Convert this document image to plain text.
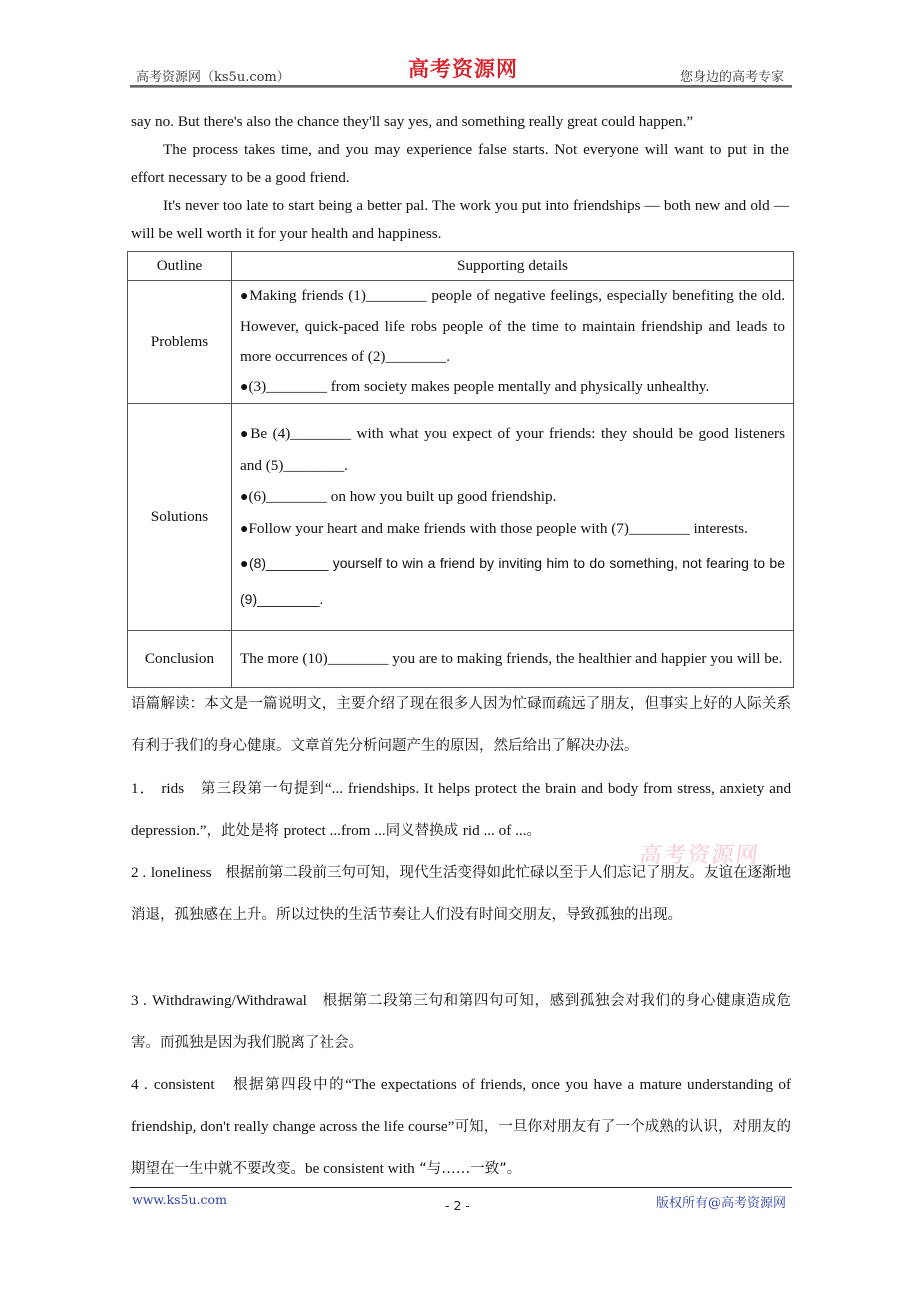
高考资源网（ks5u.com）	高考资源网	您身边的高考专家

say no. But there's also the chance they'll say yes, and something really great could happen.”

The process takes time, and you may experience false starts. Not everyone will want to put in the effort necessary to be a good friend.

It's never too late to start being a better pal. The work you put into friendships — both new and old — will be well worth it for your health and happiness.

Outline	Supporting details
Problems	●Making friends (1)________ people of negative feelings, especially benefiting the old. However, quick-paced life robs people of the time to maintain friendship and leads to more occurrences of (2)________.

●(3)________ from society makes people mentally and physically unhealthy.

Solutions	●Be (4)________ with what you expect of your friends: they should be good listeners and (5)________.

●(6)________ on how you built up good friendship.

●Follow your heart and make friends with those people with (7)________ interests.

●(8)________ yourself to win a friend by inviting him to do something, not fearing to be (9)________.

Conclusion	The more (10)________ you are to making friends, the healthier and happier you will be.

语篇解读：本文是一篇说明文，主要介绍了现在很多人因为忙碌而疏远了朋友，但事实上好的人际关系有利于我们的身心健康。文章首先分析问题产生的原因，然后给出了解决办法。

1． rids 第三段第一句提到“... friendships. It helps protect the brain and body from stress, anxiety and depression.”，此处是将 protect ...from ...同义替换成 rid ... of ...。
2 . loneliness 根据前第二段前三句可知，现代生活变得如此忙碌以至于人们忘记了朋友。友谊在逐渐地消退，孤独感在上升。所以过快的生活节奏让人们没有时间交朋友，导致孤独的出现。
3 . Withdrawing/Withdrawal 根据第二段第三句和第四句可知，感到孤独会对我们的身心健康造成危害。而孤独是因为我们脱离了社会。
4 . consistent 根据第四段中的“The expectations of friends, once you have a mature understanding of friendship, don't really change across the life course”可知，一旦你对朋友有了一个成熟的认识，对朋友的期望在一生中就不要改变。be consistent with “与……一致”。
高考资源网
www.ks5u.com	- 2 -	版权所有@高考资源网
